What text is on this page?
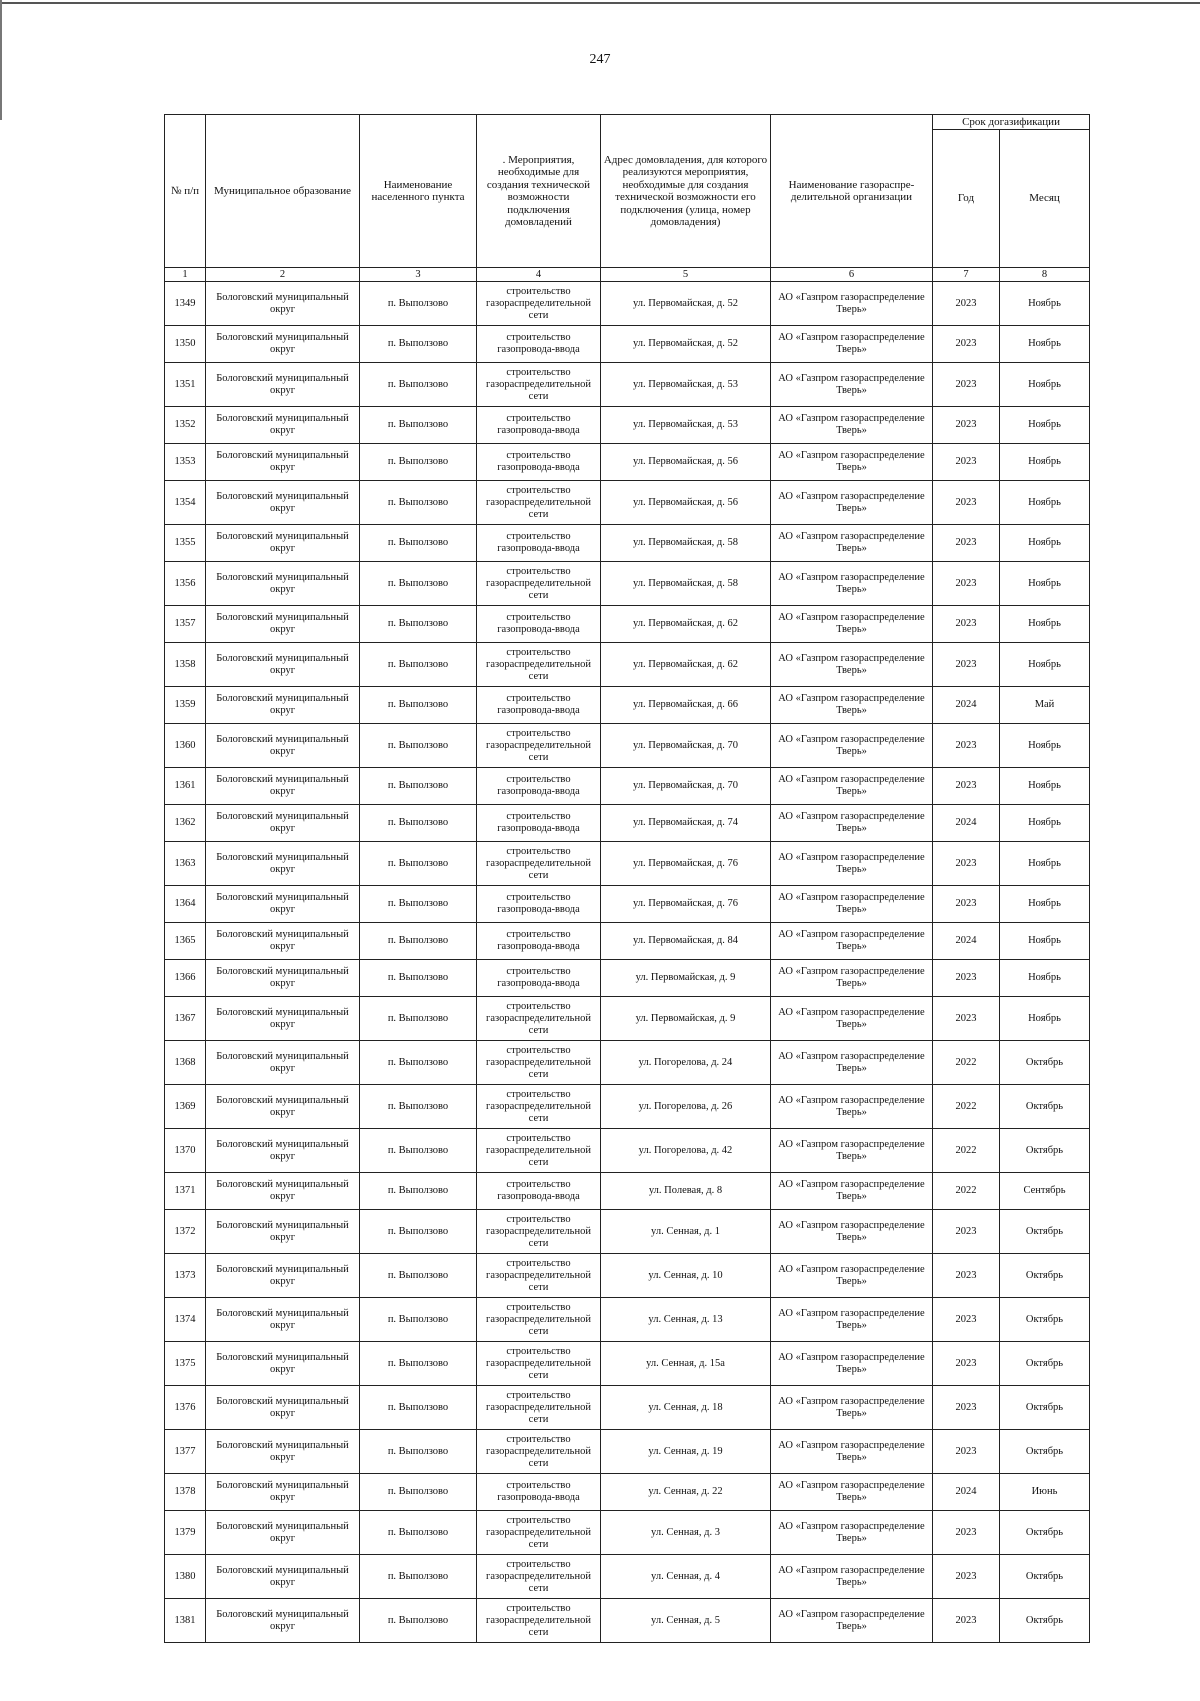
247
№ п/п	Муниципальное образование	Наименование населенного пункта	. Мероприятия, необходимые для создания технической возможности подключения домовладений	Адрес домовладения, для которого реализуются мероприятия, необходимые для создания технической возможности его подключения (улица, номер домовладения)	Наименование газораспре-делительной организации	Срок догазификации	
						Год	Месяц
1	2	3	4	5	6	7	8
1349	Бологовский муниципальный округ	п. Выползово	строительство газораспределительной сети	ул. Первомайская, д. 52	АО «Газпром газораспределение Тверь»	2023	Ноябрь
1350	Бологовский муниципальный округ	п. Выползово	строительство газопровода-ввода	ул. Первомайская, д. 52	АО «Газпром газораспределение Тверь»	2023	Ноябрь
1351	Бологовский муниципальный округ	п. Выползово	строительство газораспределительной сети	ул. Первомайская, д. 53	АО «Газпром газораспределение Тверь»	2023	Ноябрь
1352	Бологовский муниципальный округ	п. Выползово	строительство газопровода-ввода	ул. Первомайская, д. 53	АО «Газпром газораспределение Тверь»	2023	Ноябрь
1353	Бологовский муниципальный округ	п. Выползово	строительство газопровода-ввода	ул. Первомайская, д. 56	АО «Газпром газораспределение Тверь»	2023	Ноябрь
1354	Бологовский муниципальный округ	п. Выползово	строительство газораспределительной сети	ул. Первомайская, д. 56	АО «Газпром газораспределение Тверь»	2023	Ноябрь
1355	Бологовский муниципальный округ	п. Выползово	строительство газопровода-ввода	ул. Первомайская, д. 58	АО «Газпром газораспределение Тверь»	2023	Ноябрь
1356	Бологовский муниципальный округ	п. Выползово	строительство газораспределительной сети	ул. Первомайская, д. 58	АО «Газпром газораспределение Тверь»	2023	Ноябрь
1357	Бологовский муниципальный округ	п. Выползово	строительство газопровода-ввода	ул. Первомайская, д. 62	АО «Газпром газораспределение Тверь»	2023	Ноябрь
1358	Бологовский муниципальный округ	п. Выползово	строительство газораспределительной сети	ул. Первомайская, д. 62	АО «Газпром газораспределение Тверь»	2023	Ноябрь
1359	Бологовский муниципальный округ	п. Выползово	строительство газопровода-ввода	ул. Первомайская, д. 66	АО «Газпром газораспределение Тверь»	2024	Май
1360	Бологовский муниципальный округ	п. Выползово	строительство газораспределительной сети	ул. Первомайская, д. 70	АО «Газпром газораспределение Тверь»	2023	Ноябрь
1361	Бологовский муниципальный округ	п. Выползово	строительство газопровода-ввода	ул. Первомайская, д. 70	АО «Газпром газораспределение Тверь»	2023	Ноябрь
1362	Бологовский муниципальный округ	п. Выползово	строительство газопровода-ввода	ул. Первомайская, д. 74	АО «Газпром газораспределение Тверь»	2024	Ноябрь
1363	Бологовский муниципальный округ	п. Выползово	строительство газораспределительной сети	ул. Первомайская, д. 76	АО «Газпром газораспределение Тверь»	2023	Ноябрь
1364	Бологовский муниципальный округ	п. Выползово	строительство газопровода-ввода	ул. Первомайская, д. 76	АО «Газпром газораспределение Тверь»	2023	Ноябрь
1365	Бологовский муниципальный округ	п. Выползово	строительство газопровода-ввода	ул. Первомайская, д. 84	АО «Газпром газораспределение Тверь»	2024	Ноябрь
1366	Бологовский муниципальный округ	п. Выползово	строительство газопровода-ввода	ул. Первомайская, д. 9	АО «Газпром газораспределение Тверь»	2023	Ноябрь
1367	Бологовский муниципальный округ	п. Выползово	строительство газораспределительной сети	ул. Первомайская, д. 9	АО «Газпром газораспределение Тверь»	2023	Ноябрь
1368	Бологовский муниципальный округ	п. Выползово	строительство газораспределительной сети	ул. Погорелова, д. 24	АО «Газпром газораспределение Тверь»	2022	Октябрь
1369	Бологовский муниципальный округ	п. Выползово	строительство газораспределительной сети	ул. Погорелова, д. 26	АО «Газпром газораспределение Тверь»	2022	Октябрь
1370	Бологовский муниципальный округ	п. Выползово	строительство газораспределительной сети	ул. Погорелова, д. 42	АО «Газпром газораспределение Тверь»	2022	Октябрь
1371	Бологовский муниципальный округ	п. Выползово	строительство газопровода-ввода	ул. Полевая, д. 8	АО «Газпром газораспределение Тверь»	2022	Сентябрь
1372	Бологовский муниципальный округ	п. Выползово	строительство газораспределительной сети	ул. Сенная, д. 1	АО «Газпром газораспределение Тверь»	2023	Октябрь
1373	Бологовский муниципальный округ	п. Выползово	строительство газораспределительной сети	ул. Сенная, д. 10	АО «Газпром газораспределение Тверь»	2023	Октябрь
1374	Бологовский муниципальный округ	п. Выползово	строительство газораспределительной сети	ул. Сенная, д. 13	АО «Газпром газораспределение Тверь»	2023	Октябрь
1375	Бологовский муниципальный округ	п. Выползово	строительство газораспределительной сети	ул. Сенная, д. 15а	АО «Газпром газораспределение Тверь»	2023	Октябрь
1376	Бологовский муниципальный округ	п. Выползово	строительство газораспределительной сети	ул. Сенная, д. 18	АО «Газпром газораспределение Тверь»	2023	Октябрь
1377	Бологовский муниципальный округ	п. Выползово	строительство газораспределительной сети	ул. Сенная, д. 19	АО «Газпром газораспределение Тверь»	2023	Октябрь
1378	Бологовский муниципальный округ	п. Выползово	строительство газопровода-ввода	ул. Сенная, д. 22	АО «Газпром газораспределение Тверь»	2024	Июнь
1379	Бологовский муниципальный округ	п. Выползово	строительство газораспределительной сети	ул. Сенная, д. 3	АО «Газпром газораспределение Тверь»	2023	Октябрь
1380	Бологовский муниципальный округ	п. Выползово	строительство газораспределительной сети	ул. Сенная, д. 4	АО «Газпром газораспределение Тверь»	2023	Октябрь
1381	Бологовский муниципальный округ	п. Выползово	строительство газораспределительной сети	ул. Сенная, д. 5	АО «Газпром газораспределение Тверь»	2023	Октябрь
